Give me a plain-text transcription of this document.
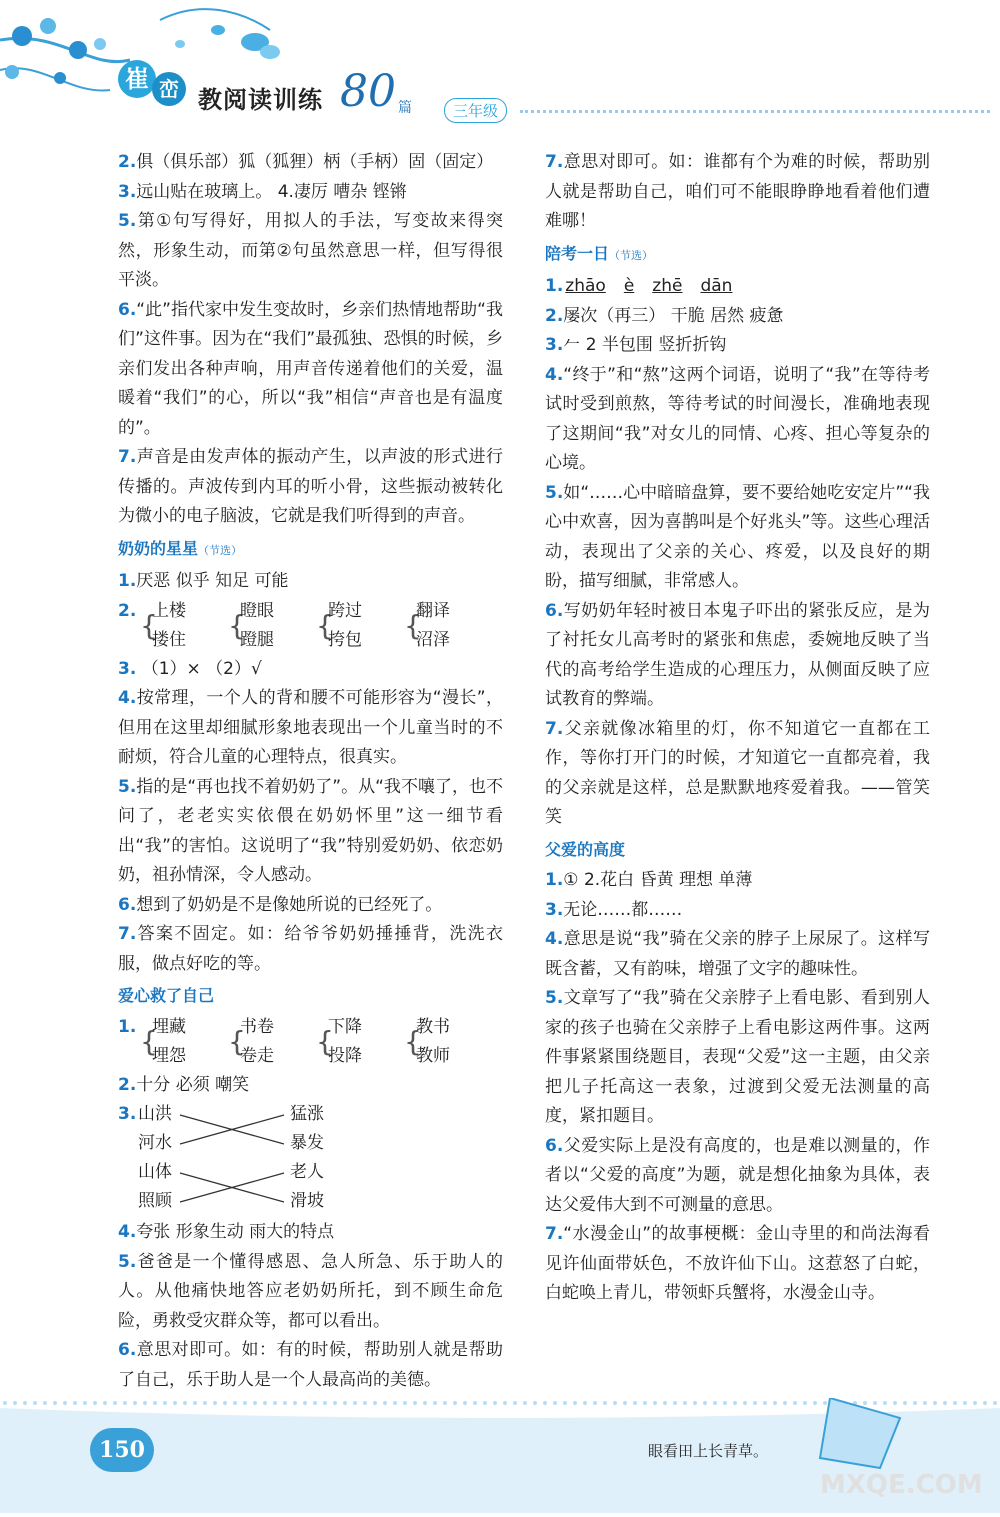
崔 峦 教阅读训练 80 篇	三年级

2.俱（俱乐部）狐（狐狸）柄（手柄）固（固定）

3.远山贴在玻璃上。 4.凄厉 嘈杂 铿锵

5.第①句写得好，用拟人的手法，写变故来得突然，形象生动，而第②句虽然意思一样，但写得很平淡。

6.“此”指代家中发生变故时，乡亲们热情地帮助“我们”这件事。因为在“我们”最孤独、恐惧的时候，乡亲们发出各种声响，用声音传递着他们的关爱，温暖着“我们”的心，所以“我”相信“声音也是有温度的”。

7.声音是由发声体的振动产生，以声波的形式进行传播的。声波传到内耳的听小骨，这些振动被转化为微小的电子脑波，它就是我们听得到的声音。

奶奶的星星（节选）

1.厌恶 似乎 知足 可能

2. {
上楼
搂住 {
瞪眼
蹬腿 {
跨过
挎包 {
翻译
沼泽

3. （1）× （2）√

4.按常理，一个人的背和腰不可能形容为“漫长”，但用在这里却细腻形象地表现出一个儿童当时的不耐烦，符合儿童的心理特点，很真实。

5.指的是“再也找不着奶奶了”。从“我不嚷了，也不问了，老老实实依偎在奶奶怀里”这一细节看出“我”的害怕。这说明了“我”特别爱奶奶、依恋奶奶，祖孙情深，令人感动。

6.想到了奶奶是不是像她所说的已经死了。

7.答案不固定。如：给爷爷奶奶捶捶背，洗洗衣服，做点好吃的等。

爱心救了自己
1. {
埋藏
埋怨 {
书卷
卷走 {
下降
投降 {
教书
教师

2.十分 必须 嘲笑

3. 山洪
河水
山体
照顾
猛涨
暴发
老人
滑坡

4.夸张 形象生动 雨大的特点

5.爸爸是一个懂得感恩、急人所急、乐于助人的人。从他痛快地答应老奶奶所托，到不顾生命危险，勇救受灾群众等，都可以看出。

6.意思对即可。如：有的时候，帮助别人就是帮助了自己，乐于助人是一个人最高尚的美德。

7.意思对即可。如：谁都有个为难的时候，帮助别人就是帮助自己，咱们可不能眼睁睁地看着他们遭难哪！

陪考一日（节选）

1. zhāo è zhē dān

2.屡次（再三） 干脆 居然 疲惫

3.𠂉 2 半包围 竖折折钩

4.“终于”和“熬”这两个词语，说明了“我”在等待考试时受到煎熬，等待考试的时间漫长，准确地表现了这期间“我”对女儿的同情、心疼、担心等复杂的心境。

5.如“……心中暗暗盘算，要不要给她吃安定片”“我心中欢喜，因为喜鹊叫是个好兆头”等。这些心理活动，表现出了父亲的关心、疼爱，以及良好的期盼，描写细腻，非常感人。

6.写奶奶年轻时被日本鬼子吓出的紧张反应，是为了衬托女儿高考时的紧张和焦虑，委婉地反映了当代的高考给学生造成的心理压力，从侧面反映了应试教育的弊端。

7.父亲就像冰箱里的灯，你不知道它一直都在工作，等你打开门的时候，才知道它一直都亮着，我的父亲就是这样，总是默默地疼爱着我。——管笑笑

父爱的高度

1.① 2.花白 昏黄 理想 单薄

3.无论……都……

4.意思是说“我”骑在父亲的脖子上尿尿了。这样写既含蓄，又有韵味，增强了文字的趣味性。

5.文章写了“我”骑在父亲脖子上看电影、看到别人家的孩子也骑在父亲脖子上看电影这两件事。这两件事紧紧围绕题目，表现“父爱”这一主题，由父亲把儿子托高这一表象，过渡到父爱无法测量的高度，紧扣题目。

6.父爱实际上是没有高度的，也是难以测量的，作者以“父爱的高度”为题，就是想化抽象为具体，表达父爱伟大到不可测量的意思。

7.“水漫金山”的故事梗概：金山寺里的和尚法海看见许仙面带妖色，不放许仙下山。这惹怒了白蛇，白蛇唤上青儿，带领虾兵蟹将，水漫金山寺。

150	眼看田上长青草。
MXQE.COM
